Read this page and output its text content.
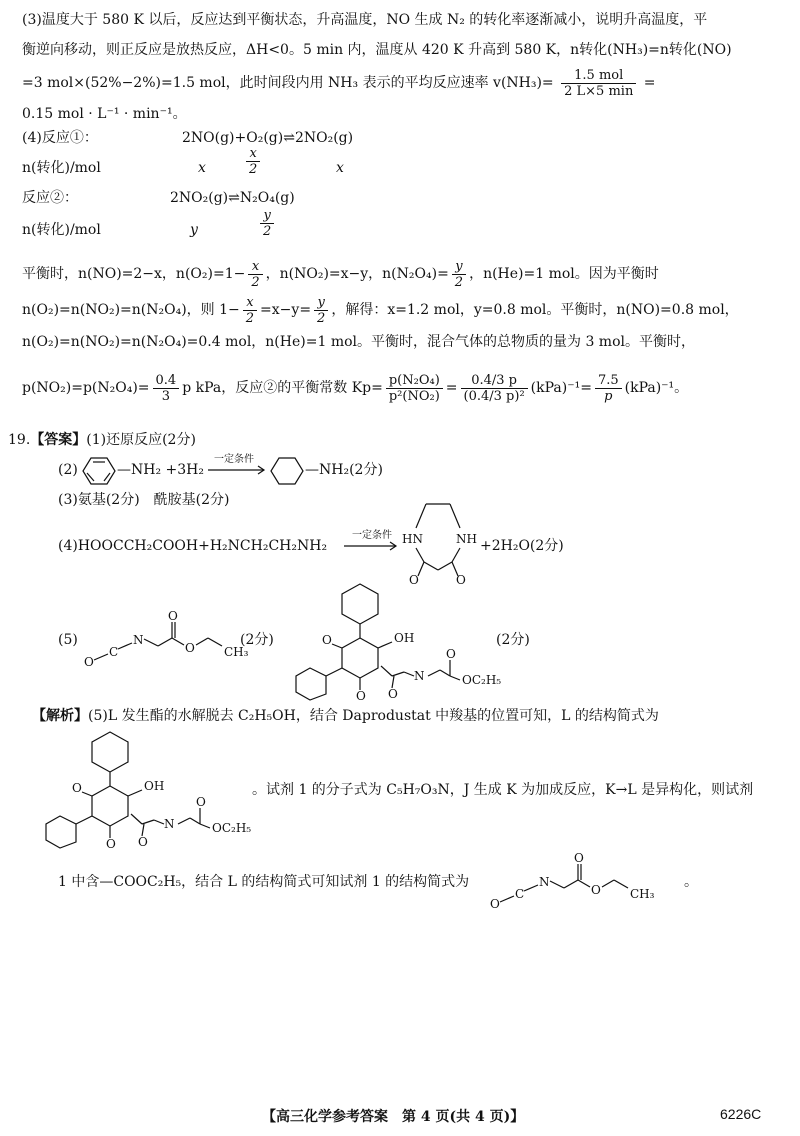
(3)温度大于 580 K 以后，反应达到平衡状态，升高温度，NO 生成 N₂ 的转化率逐渐减小，说明升高温度，平
衡逆向移动，则正反应是放热反应，ΔH<0。5 min 内，温度从 420 K 升高到 580 K，n转化(NH₃)=n转化(NO)
=3 mol×(52%−2%)=1.5 mol，此时间段内用 NH₃ 表示的平均反应速率 $v(NH_3)= \frac{\text{1.5 mol}}{2 L\times 5 \min}$ =
0.15 mol · L⁻¹ · min⁻¹。
(4)反应①：	2NO(g)+O₂(g)⇌2NO₂(g)
n(转化)/mol	x	$\frac{x}{2}$	x
反应②：	2NO₂(g)⇌N₂O₄(g)
n(转化)/mol	y	$\frac{y}{2}$
平衡时，n(NO)=2−x，$n(O_2)=1- \frac{x}{2}$ ，n(NO₂)=x−y，$n(N_2O_4)= \frac{y}{2}$ ，n(He)=1 mol。因为平衡时
n(O₂)=n(NO₂)=n(N₂O₄)，则 $1- \frac{x}{2} =x-y= \frac{y}{2}$ ，解得：x=1.2 mol，y=0.8 mol。平衡时，n(NO)=0.8 mol，
n(O₂)=n(NO₂)=n(N₂O₄)=0.4 mol，n(He)=1 mol。平衡时，混合气体的总物质的量为 3 mol。平衡时，
$p(NO_2)=p(N_2O_4)= \frac{0.4}{3}$ p kPa，反应②的平衡常数 $Kp= \frac{\text{p(N₂O₄)}}{\text{p²(NO₂)}} = \frac{0.4/3 p}{\text{(0.4/3 p)²}} (kPa)^{-1}= \frac{7.5}{p} (kPa)^{-1}$。
19.【答案】(1)还原反应(2分)
(2)	—NH₂ +3H₂
一定条件
—NH₂(2分)
(3)氨基(2分)　酰胺基(2分)
(4)HOOCCH₂COOH+H₂NCH₂CH₂NH₂
一定条件 HN	NH
O	O
+2H₂O(2分)
(5)
O
C
N
O
O CH₃
(2分)	OH
O
O O
O
N	OC₂H₅
(2分)
【解析】(5)L 发生酯的水解脱去 C₂H₅OH，结合 Daprodustat 中羧基的位置可知，L 的结构简式为
OH
O
O O
O
N	OC₂H₅
。试剂 1 的分子式为 C₅H₇O₃N，J 生成 K 为加成反应，K→L 是异构化，则试剂
1 中含—COOC₂H₅，结合 L 的结构简式可知试剂 1 的结构简式为
O
C
N
O
O CH₃
。
【高三化学参考答案　第 4 页(共 4 页)】	6226C
